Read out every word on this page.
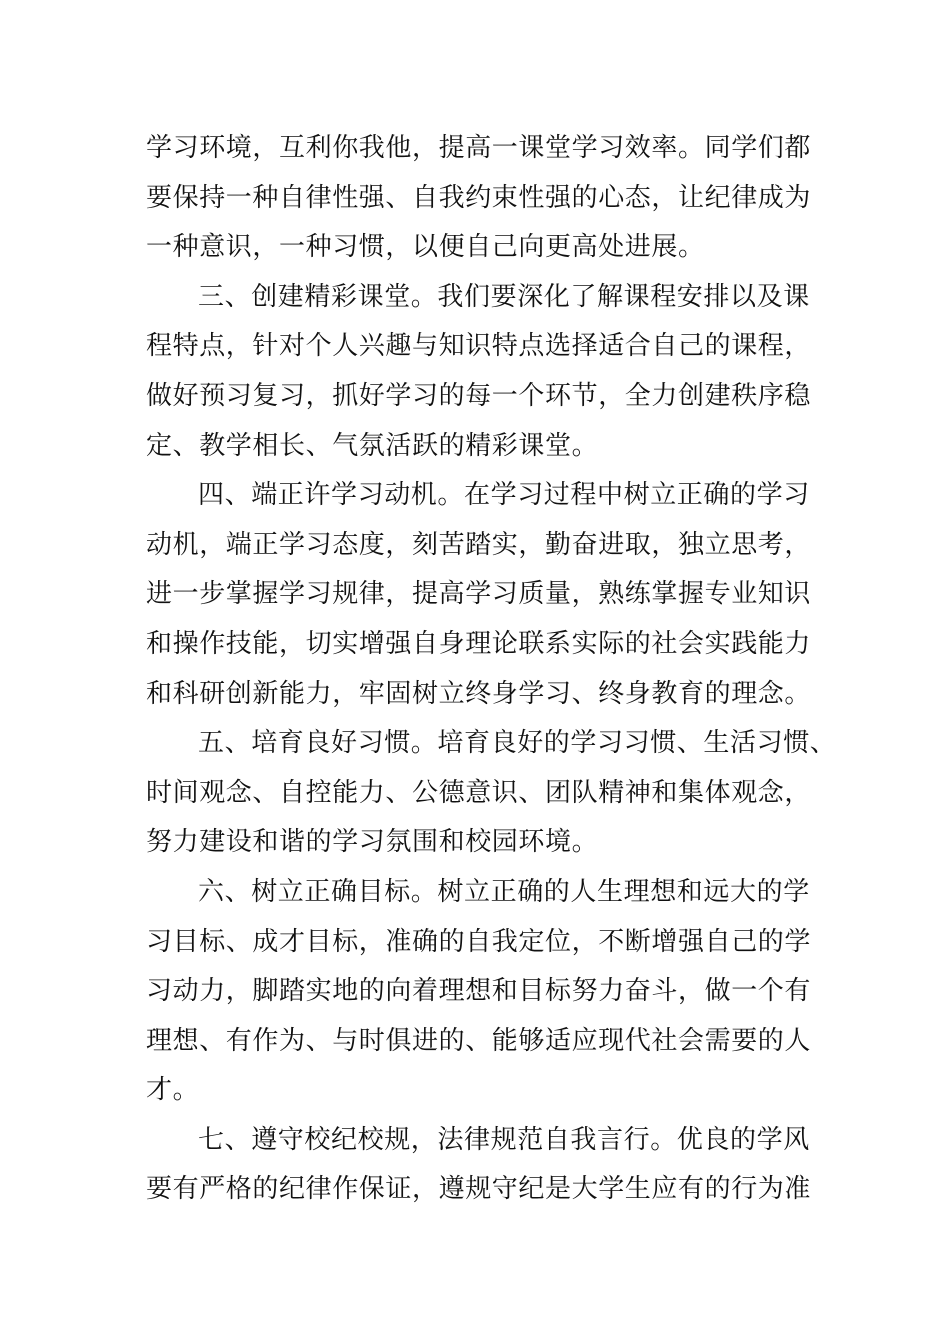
学习环境，互利你我他，提高一课堂学习效率。同学们都
要保持一种自律性强、自我约束性强的心态，让纪律成为
一种意识，一种习惯，以便自己向更高处进展。
三、创建精彩课堂。我们要深化了解课程安排以及课
程特点，针对个人兴趣与知识特点选择适合自己的课程，
做好预习复习，抓好学习的每一个环节，全力创建秩序稳
定、教学相长、气氛活跃的精彩课堂。
四、端正许学习动机。在学习过程中树立正确的学习
动机，端正学习态度，刻苦踏实，勤奋进取，独立思考，
进一步掌握学习规律，提高学习质量，熟练掌握专业知识
和操作技能，切实增强自身理论联系实际的社会实践能力
和科研创新能力，牢固树立终身学习、终身教育的理念。
五、培育良好习惯。培育良好的学习习惯、生活习惯、
时间观念、自控能力、公德意识、团队精神和集体观念，
努力建设和谐的学习氛围和校园环境。
六、树立正确目标。树立正确的人生理想和远大的学
习目标、成才目标，准确的自我定位，不断增强自己的学
习动力，脚踏实地的向着理想和目标努力奋斗，做一个有
理想、有作为、与时俱进的、能够适应现代社会需要的人
才。
七、遵守校纪校规，法律规范自我言行。优良的学风
要有严格的纪律作保证，遵规守纪是大学生应有的行为准
